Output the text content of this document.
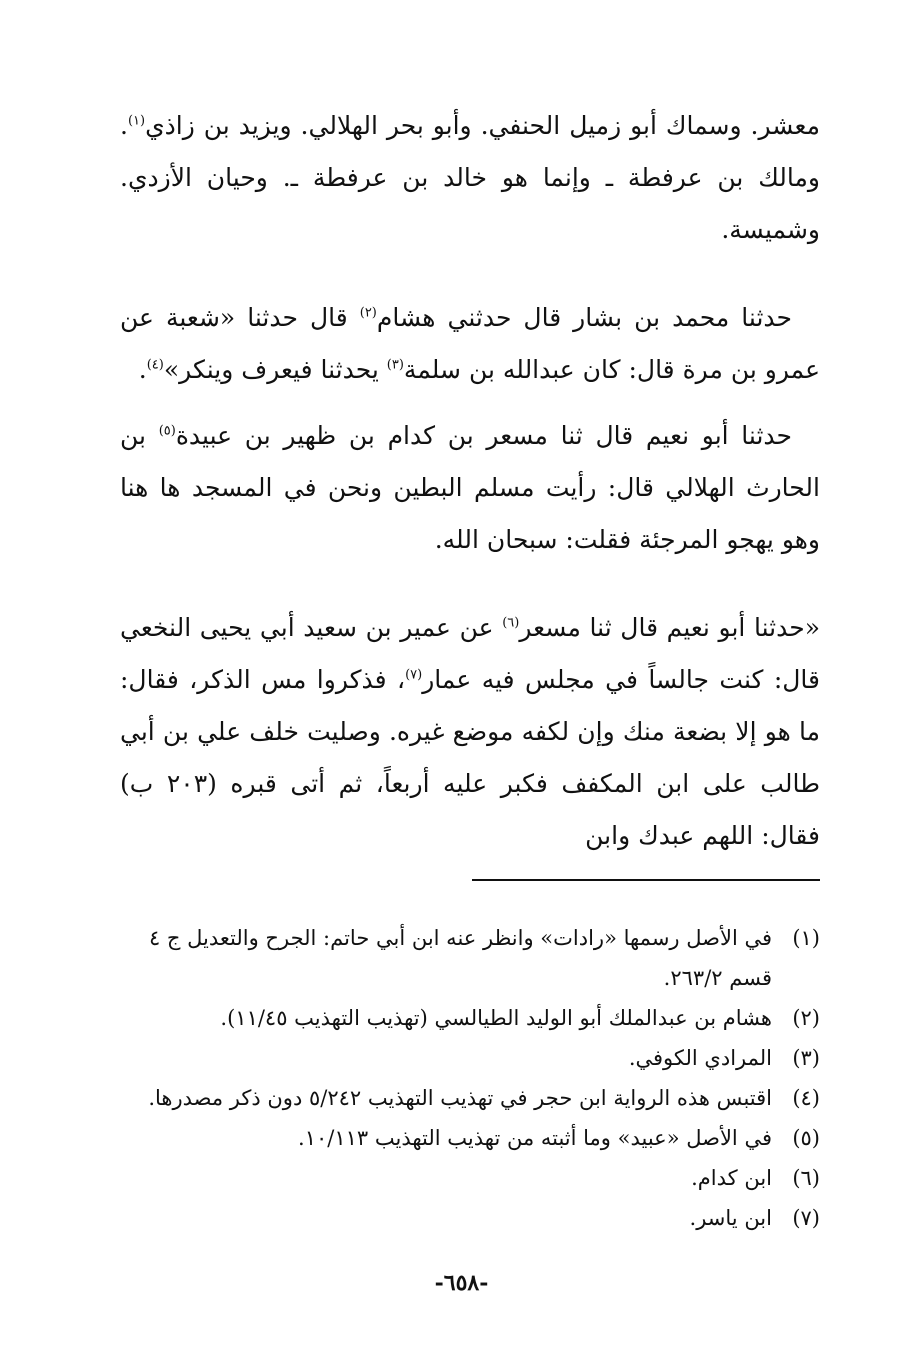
معشر. وسماك أبو زميل الحنفي. وأبو بحر الهلالي. ويزيد بن زاذي$^{(١)}$. ومالك بن عرفطة ـ وإنما هو خالد بن عرفطة ـ. وحيان الأزدي. وشميسة.

حدثنا محمد بن بشار قال حدثني هشام$^{(٢)}$ قال حدثنا «شعبة عن عمرو بن مرة قال: كان عبدالله بن سلمة$^{(٣)}$ يحدثنا فيعرف وينكر»$^{(٤)}$.

حدثنا أبو نعيم قال ثنا مسعر بن كدام بن ظهير بن عبيدة$^{(٥)}$ بن الحارث الهلالي قال: رأيت مسلم البطين ونحن في المسجد ها هنا وهو يهجو المرجئة فقلت: سبحان الله.

«حدثنا أبو نعيم قال ثنا مسعر$^{(٦)}$ عن عمير بن سعيد أبي يحيى النخعي قال: كنت جالساً في مجلس فيه عمار$^{(٧)}$، فذكروا مس الذكر، فقال: ما هو إلا بضعة منك وإن لكفه موضع غيره. وصليت خلف علي بن أبي طالب على ابن المكفف فكبر عليه أربعاً، ثم أتى قبره (٢٠٣ ب) فقال: اللهم عبدك وابن

(١)
في الأصل رسمها «رادات» وانظر عنه ابن أبي حاتم: الجرح والتعديل ج ٤ قسم ٢٦٣/٢.
(٢)
هشام بن عبدالملك أبو الوليد الطيالسي (تهذيب التهذيب ١١/٤٥).
(٣)
المرادي الكوفي.
(٤)
اقتبس هذه الرواية ابن حجر في تهذيب التهذيب ٥/٢٤٢ دون ذكر مصدرها.
(٥)
في الأصل «عبيد» وما أثبته من تهذيب التهذيب ١٠/١١٣.
(٦)
ابن كدام.
(٧)
ابن ياسر.
-٦٥٨-
